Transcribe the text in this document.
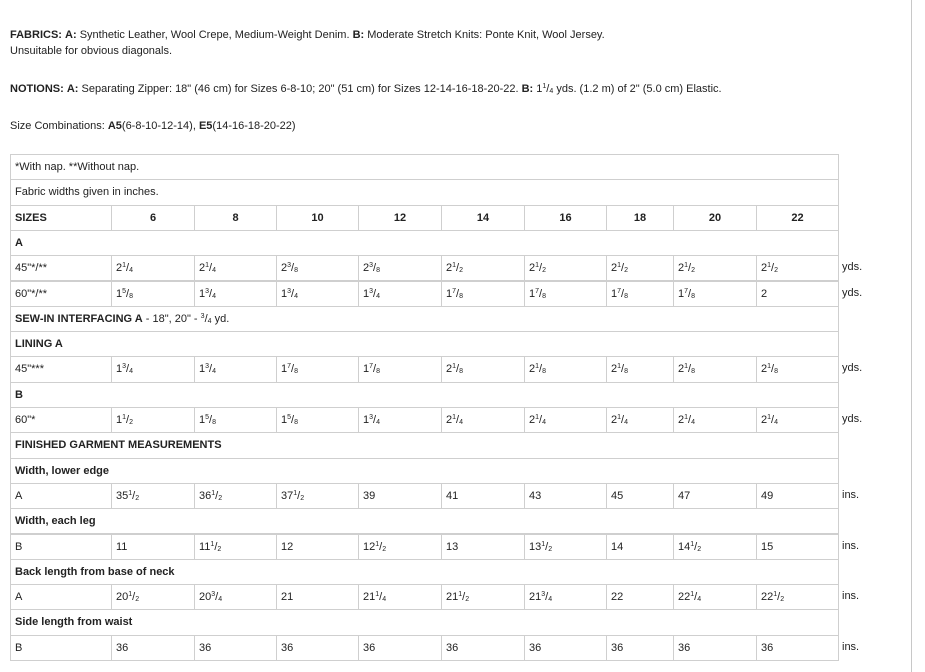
FABRICS: A: Synthetic Leather, Wool Crepe, Medium-Weight Denim. B: Moderate Stretch Knits: Ponte Knit, Wool Jersey.
Unsuitable for obvious diagonals.
NOTIONS: A: Separating Zipper: 18" (46 cm) for Sizes 6-8-10; 20" (51 cm) for Sizes 12-14-16-18-20-22. B: $1^1/_4$ yds. (1.2 m) of 2" (5.0 cm) Elastic.
Size Combinations: A5(6-8-10-12-14), E5(14-16-18-20-22)
*With nap. **Without nap.
Fabric widths given in inches.
SIZES	6	8	10	12	14	16	18	20	22
A
45"*/**	$2^1/_4$	$2^1/_4$	$2^3/_8$	$2^3/_8$	$2^1/_2$	$2^1/_2$	$2^1/_2$	$2^1/_2$	$2^1/_2$	yds.
60"*/**	$1^5/_8$	$1^3/_4$	$1^3/_4$	$1^3/_4$	$1^7/_8$	$1^7/_8$	$1^7/_8$	$1^7/_8$	2	yds.
SEW-IN INTERFACING A - 18", 20" - $^3/_4$ yd.
LINING A
45"***	$1^3/_4$	$1^3/_4$	$1^7/_8$	$1^7/_8$	$2^1/_8$	$2^1/_8$	$2^1/_8$	$2^1/_8$	$2^1/_8$	yds.
B
60"*	$1^1/_2$	$1^5/_8$	$1^5/_8$	$1^3/_4$	$2^1/_4$	$2^1/_4$	$2^1/_4$	$2^1/_4$	$2^1/_4$	yds.
FINISHED GARMENT MEASUREMENTS
Width, lower edge
A	$35^1/_2$	$36^1/_2$	$37^1/_2$	39	41	43	45	47	49	ins.
Width, each leg
B	11	$11^1/_2$	12	$12^1/_2$	13	$13^1/_2$	14	$14^1/_2$	15	ins.
Back length from base of neck
A	$20^1/_2$	$20^3/_4$	21	$21^1/_4$	$21^1/_2$	$21^3/_4$	22	$22^1/_4$	$22^1/_2$	ins.
Side length from waist
B	36	36	36	36	36	36	36	36	36	ins.
